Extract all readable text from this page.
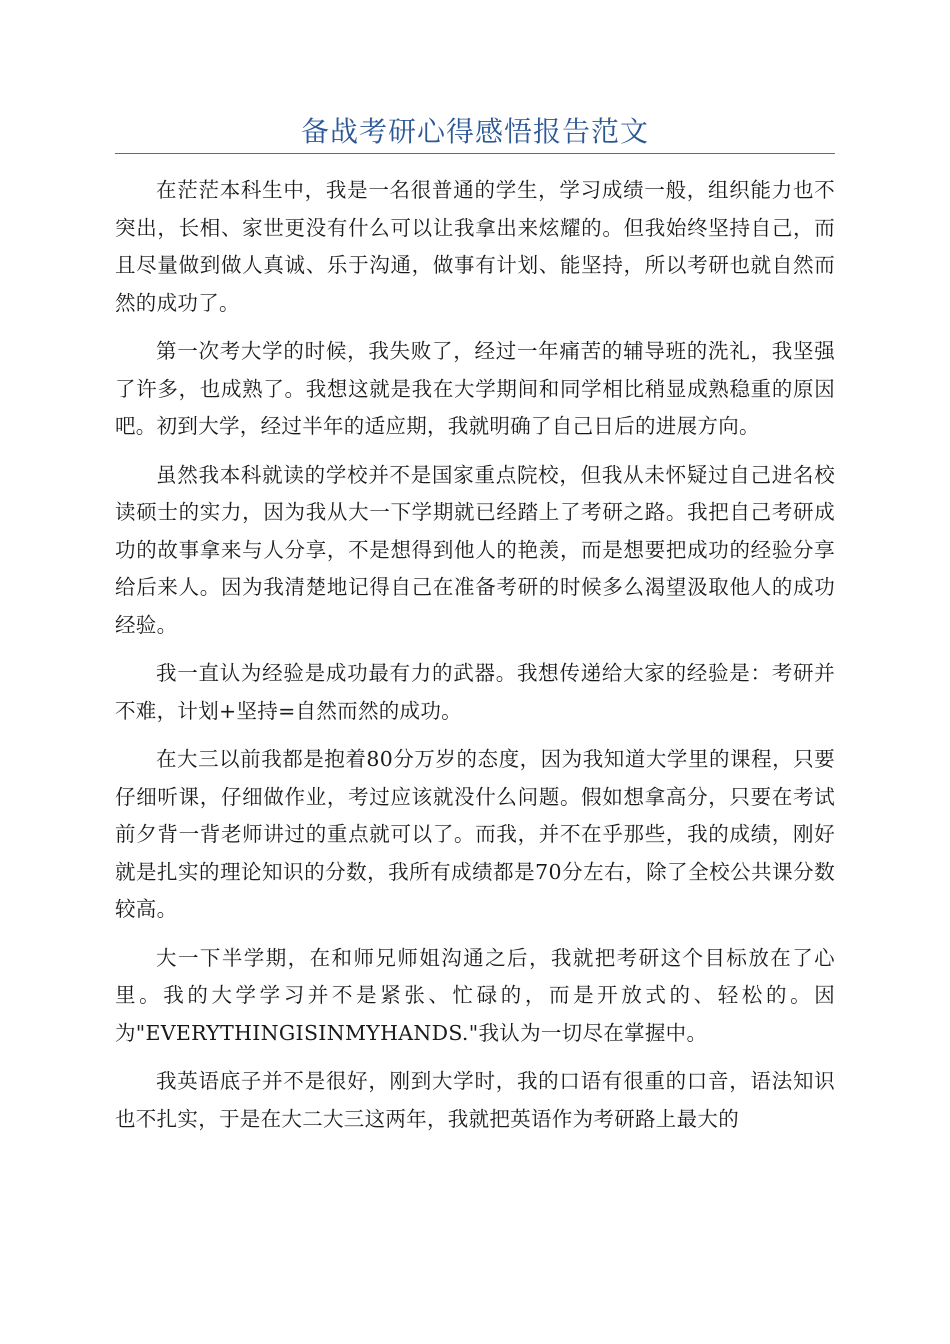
备战考研心得感悟报告范文

在茫茫本科生中，我是一名很普通的学生，学习成绩一般，组织能力也不突出，长相、家世更没有什么可以让我拿出来炫耀的。但我始终坚持自己，而且尽量做到做人真诚、乐于沟通，做事有计划、能坚持，所以考研也就自然而然的成功了。

第一次考大学的时候，我失败了，经过一年痛苦的辅导班的洗礼，我坚强了许多，也成熟了。我想这就是我在大学期间和同学相比稍显成熟稳重的原因吧。初到大学，经过半年的适应期，我就明确了自己日后的进展方向。

虽然我本科就读的学校并不是国家重点院校，但我从未怀疑过自己进名校读硕士的实力，因为我从大一下学期就已经踏上了考研之路。我把自己考研成功的故事拿来与人分享，不是想得到他人的艳羡，而是想要把成功的经验分享给后来人。因为我清楚地记得自己在准备考研的时候多么渴望汲取他人的成功经验。

我一直认为经验是成功最有力的武器。我想传递给大家的经验是：考研并不难，计划+坚持=自然而然的成功。

在大三以前我都是抱着80分万岁的态度，因为我知道大学里的课程，只要仔细听课，仔细做作业，考过应该就没什么问题。假如想拿高分，只要在考试前夕背一背老师讲过的重点就可以了。而我，并不在乎那些，我的成绩，刚好就是扎实的理论知识的分数，我所有成绩都是70分左右，除了全校公共课分数较高。

大一下半学期，在和师兄师姐沟通之后，我就把考研这个目标放在了心里。我的大学学习并不是紧张、忙碌的，而是开放式的、轻松的。因为"EVERYTHINGISINMYHANDS."我认为一切尽在掌握中。

我英语底子并不是很好，刚到大学时，我的口语有很重的口音，语法知识也不扎实，于是在大二大三这两年，我就把英语作为考研路上最大的
